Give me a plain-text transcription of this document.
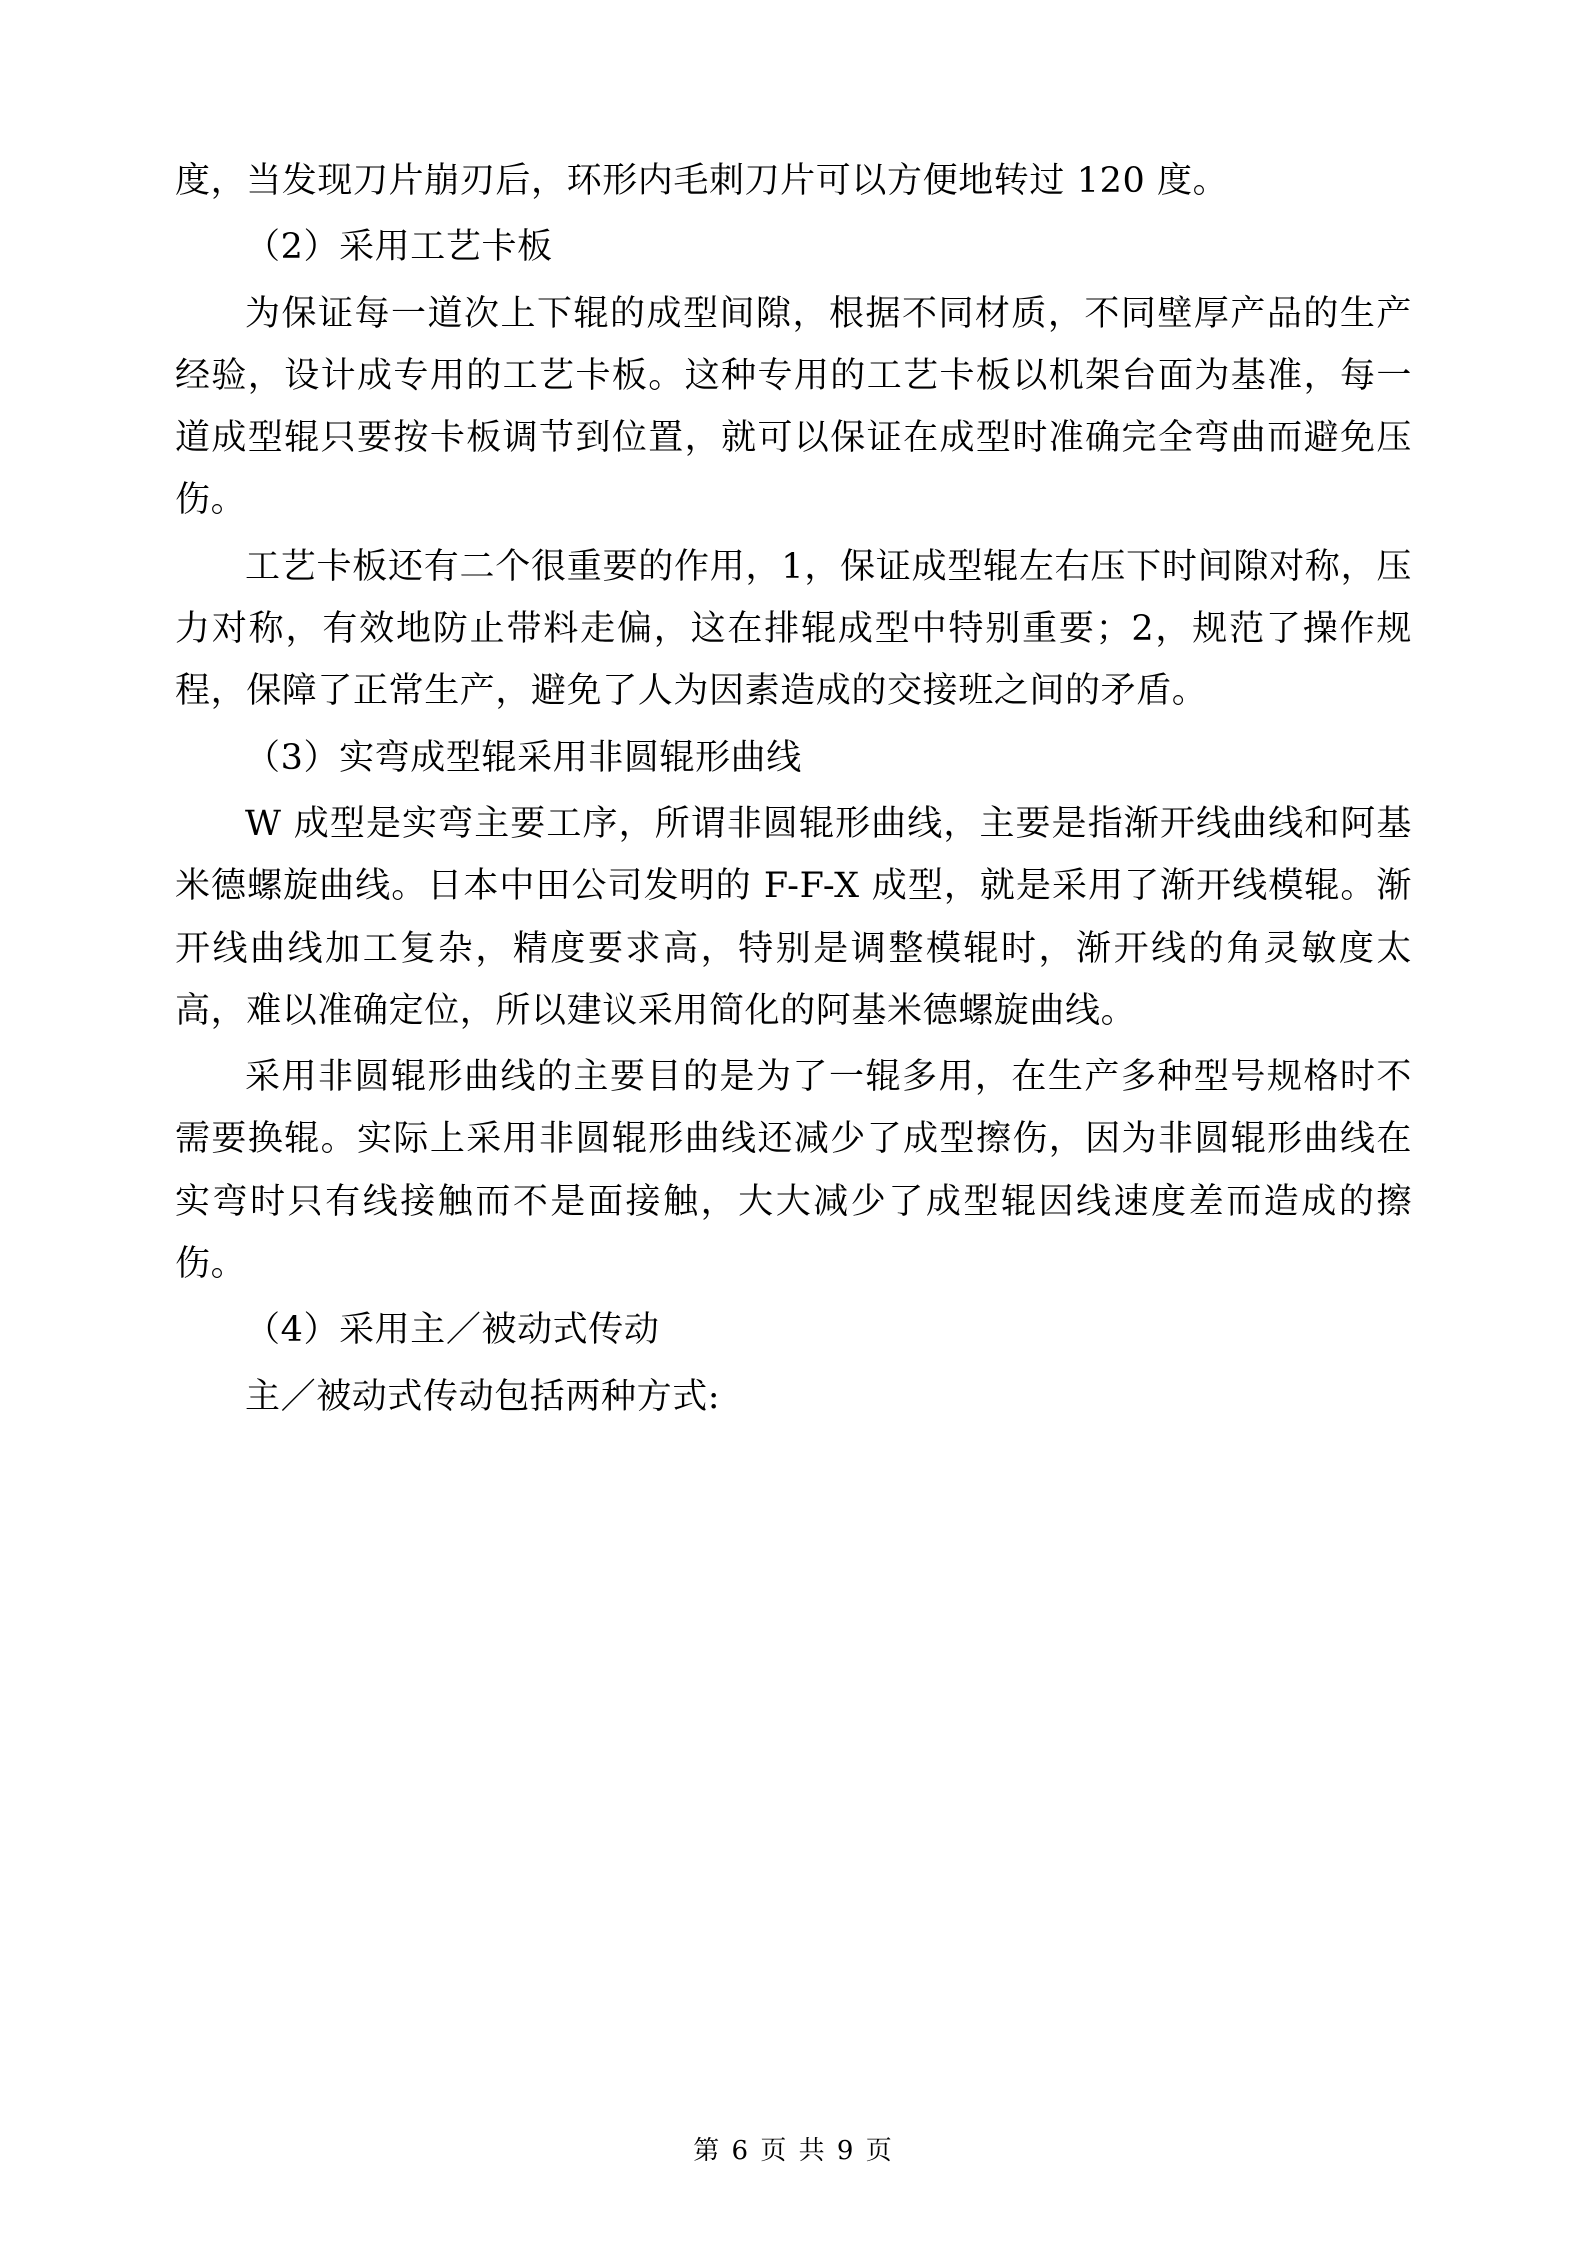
度，当发现刀片崩刃后，环形内毛刺刀片可以方便地转过 120 度。

（2）采用工艺卡板

为保证每一道次上下辊的成型间隙，根据不同材质，不同壁厚产品的生产经验，设计成专用的工艺卡板。这种专用的工艺卡板以机架台面为基准，每一道成型辊只要按卡板调节到位置，就可以保证在成型时准确完全弯曲而避免压伤。

工艺卡板还有二个很重要的作用，1，保证成型辊左右压下时间隙对称，压力对称，有效地防止带料走偏，这在排辊成型中特别重要；2，规范了操作规程，保障了正常生产，避免了人为因素造成的交接班之间的矛盾。

（3）实弯成型辊采用非圆辊形曲线

W 成型是实弯主要工序，所谓非圆辊形曲线，主要是指渐开线曲线和阿基米德螺旋曲线。日本中田公司发明的 F-F-X 成型，就是采用了渐开线模辊。渐开线曲线加工复杂，精度要求高，特别是调整模辊时，渐开线的角灵敏度太高，难以准确定位，所以建议采用简化的阿基米德螺旋曲线。

采用非圆辊形曲线的主要目的是为了一辊多用，在生产多种型号规格时不需要换辊。实际上采用非圆辊形曲线还减少了成型擦伤，因为非圆辊形曲线在实弯时只有线接触而不是面接触，大大减少了成型辊因线速度差而造成的擦伤。

（4）采用主／被动式传动

主／被动式传动包括两种方式:

第 6 页 共 9 页
